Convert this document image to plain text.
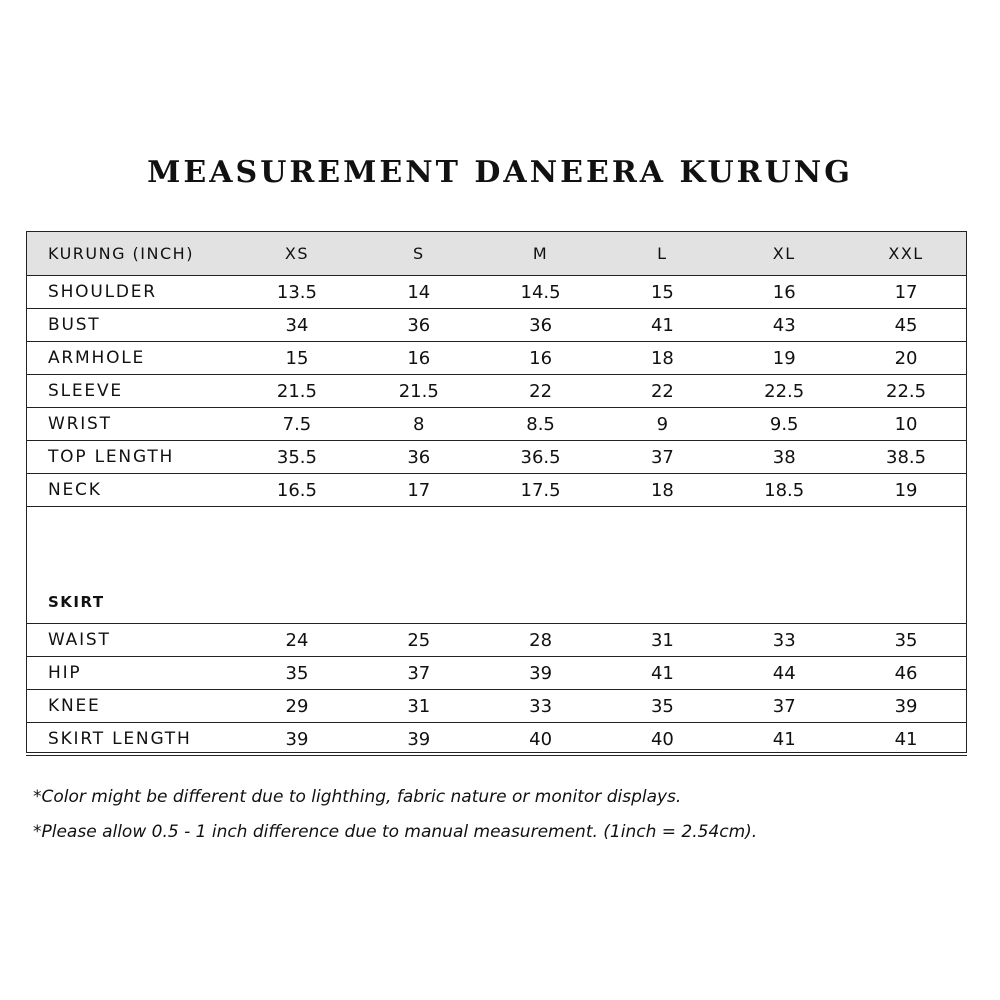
MEASUREMENT DANEERA KURUNG
KURUNG (INCH)	XS	S	M	L	XL	XXL
SHOULDER	13.5	14	14.5	15	16	17
BUST	34	36	36	41	43	45
ARMHOLE	15	16	16	18	19	20
SLEEVE	21.5	21.5	22	22	22.5	22.5
WRIST	7.5	8	8.5	9	9.5	10
TOP LENGTH	35.5	36	36.5	37	38	38.5
NECK	16.5	17	17.5	18	18.5	19
SKIRT						
WAIST	24	25	28	31	33	35
HIP	35	37	39	41	44	46
KNEE	29	31	33	35	37	39
SKIRT LENGTH	39	39	40	40	41	41
*Color might be different due to lighthing, fabric nature or monitor displays.
*Please allow 0.5 - 1 inch difference due to manual measurement. (1inch = 2.54cm).
